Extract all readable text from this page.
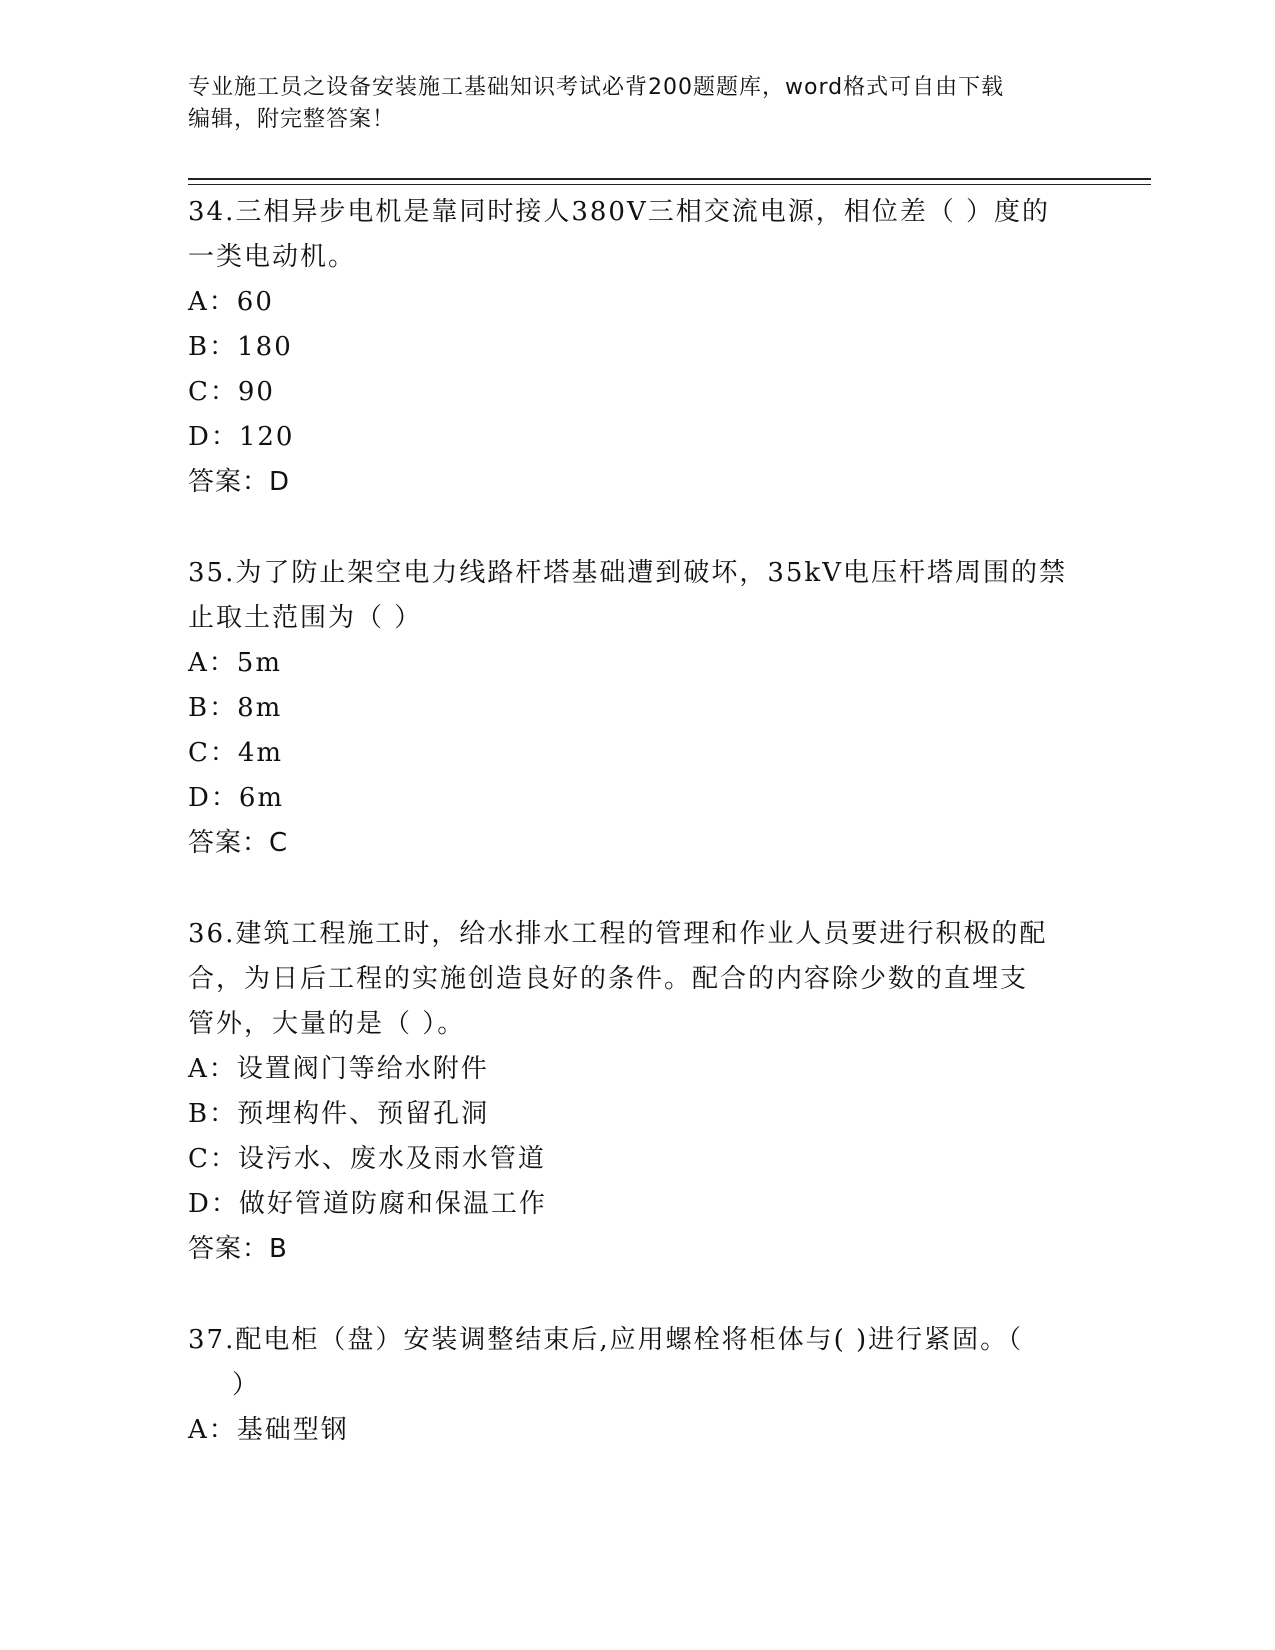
专业施工员之设备安装施工基础知识考试必背200题题库，word格式可自由下载
编辑，附完整答案！
34.三相异步电机是靠同时接人380V三相交流电源，相位差（ ）度的
一类电动机。
A：60
B：180
C：90
D：120
答案：D
35.为了防止架空电力线路杆塔基础遭到破坏，35kV电压杆塔周围的禁
止取土范围为（ ）
A：5m
B：8m
C：4m
D：6m
答案：C
36.建筑工程施工时，给水排水工程的管理和作业人员要进行积极的配
合，为日后工程的实施创造良好的条件。配合的内容除少数的直埋支
管外，大量的是（ ）。
A：设置阀门等给水附件
B：预埋构件、预留孔洞
C：设污水、废水及雨水管道
D：做好管道防腐和保温工作
答案：B
37.配电柜（盘）安装调整结束后,应用螺栓将柜体与( )进行紧固。（
）
A：基础型钢
